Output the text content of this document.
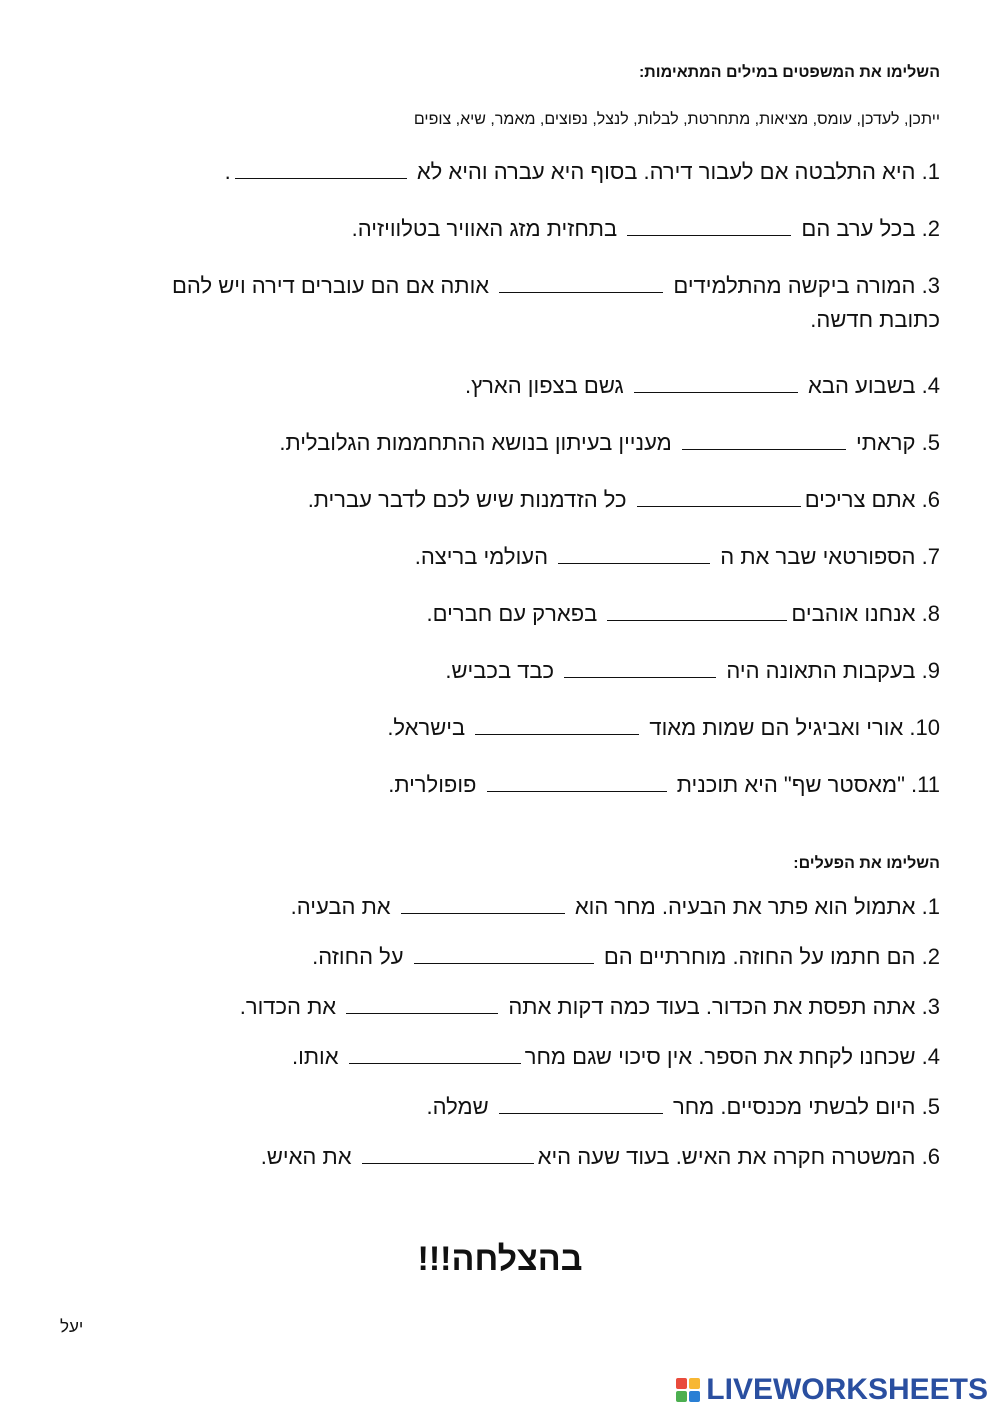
השלימו את המשפטים במילים המתאימות:
ייתכן, לעדכן, עומס, מציאות, מתחרטת, לבלות, לנצל, נפוצים, מאמר, שיא, צופים
1. היא התלבטה אם לעבור דירה. בסוף היא עברה והיא לא .
2. בכל ערב הם  בתחזית מזג האוויר בטלוויזיה.
3. המורה ביקשה מהתלמידים  אותה אם הם עוברים דירה ויש להם כתובת חדשה.
4. בשבוע הבא  גשם בצפון הארץ.
5. קראתי  מעניין בעיתון בנושא ההתחממות הגלובלית.
6. אתם צריכים כל הזדמנות שיש לכם לדבר עברית.
7. הספורטאי שבר את ה  העולמי בריצה.
8. אנחנו אוהבים בפארק עם חברים.
9. בעקבות התאונה היה  כבד בכביש.
10. אורי ואביגיל הם שמות מאוד  בישראל.
11. "מאסטר שף" היא תוכנית  פופולרית.
השלימו את הפעלים:
1. אתמול הוא פתר את הבעיה. מחר הוא  את הבעיה.
2. הם חתמו על החוזה. מוחרתיים הם  על החוזה.
3. אתה תפסת את הכדור. בעוד כמה דקות אתה  את הכדור.
4. שכחנו לקחת את הספר. אין סיכוי שגם מחר אותו.
5. היום לבשתי מכנסיים. מחר  שמלה.
6. המשטרה חקרה את האיש. בעוד שעה היא את האיש.
בהצלחה!!!
יעל
LIVEWORKSHEETS
